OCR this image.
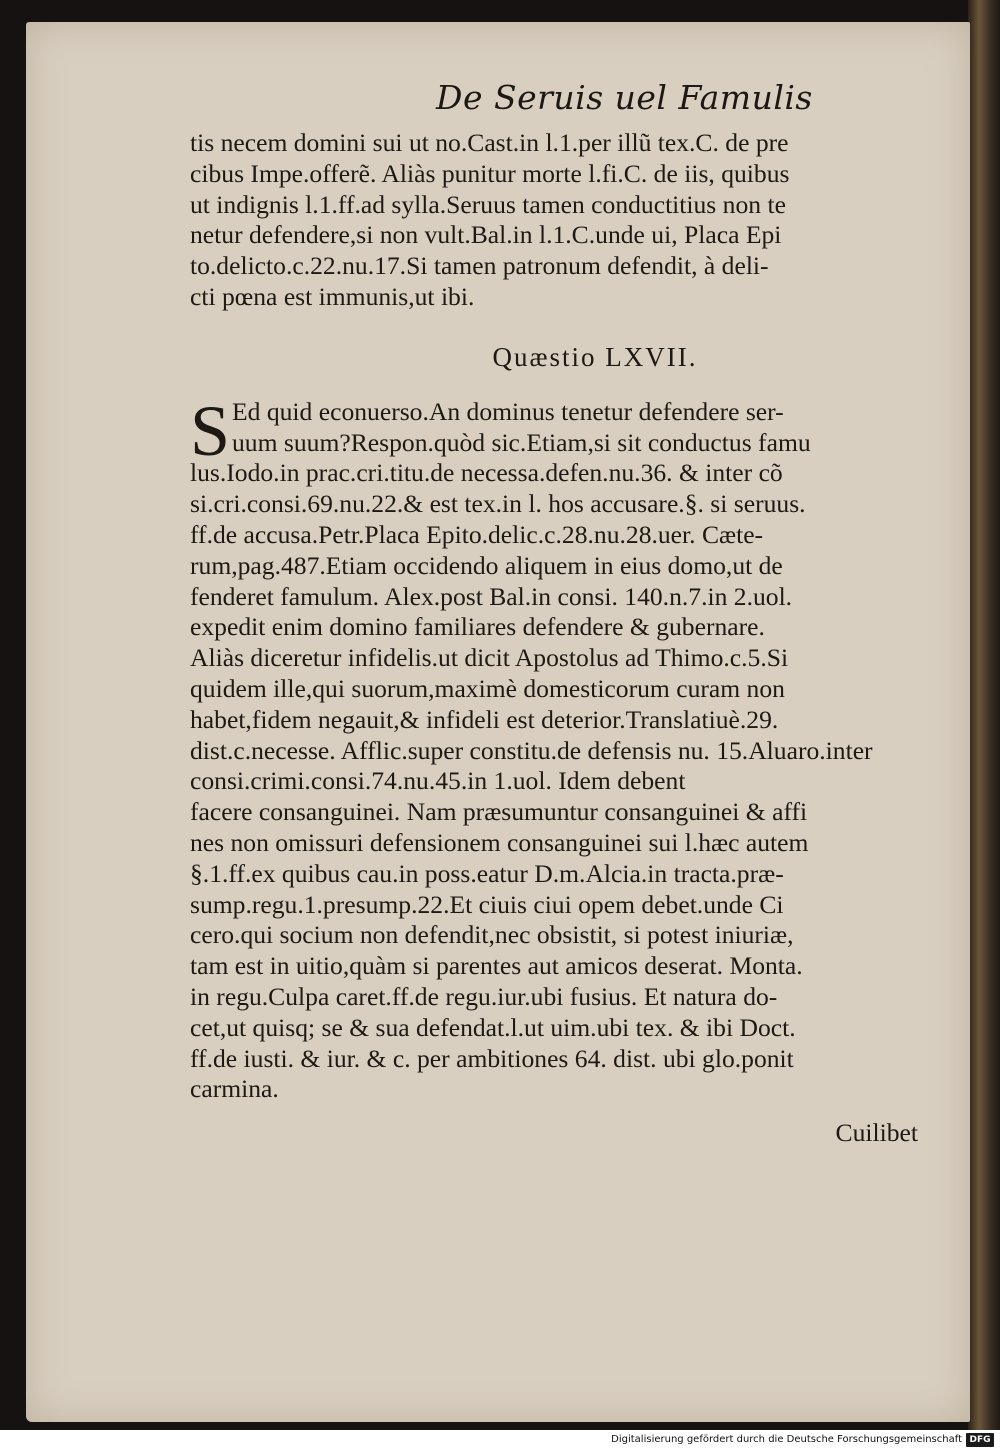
De Seruis uel Famulis
tis necem domini sui ut no.Cast.in l.1.per illũ tex.C. de pre
cibus Impe.offerẽ. Aliàs punitur morte l.fi.C. de iis, quibus
ut indignis l.1.ff.ad sylla.Seruus tamen conductitius non te
netur defendere,si non vult.Bal.in l.1.C.unde ui, Placa Epi
to.delicto.c.22.nu.17.Si tamen patronum defendit, à deli-
cti pœna est immunis,ut ibi.
Quæstio LXVII.
S Ed quid econuerso.An dominus tenetur defendere ser-
uum suum?Respon.quòd sic.Etiam,si sit conductus famu
lus.Iodo.in prac.cri.titu.de necessa.defen.nu.36. & inter cõ
si.cri.consi.69.nu.22.& est tex.in l. hos accusare.§. si seruus.
ff.de accusa.Petr.Placa Epito.delic.c.28.nu.28.uer. Cæte-
rum,pag.487.Etiam occidendo aliquem in eius domo,ut de
fenderet famulum. Alex.post Bal.in consi. 140.n.7.in 2.uol.
expedit enim domino familiares defendere & gubernare.
Aliàs diceretur infidelis.ut dicit Apostolus ad Thimo.c.5.Si
quidem ille,qui suorum,maximè domesticorum curam non
habet,fidem negauit,& infideli est deterior.Translatiuè.29.
dist.c.necesse. Afflic.super constitu.de defensis nu. 15.Aluaro.inter consi.crimi.consi.74.nu.45.in 1.uol. Idem debent
facere consanguinei. Nam præsumuntur consanguinei & affi
nes non omissuri defensionem consanguinei sui l.hæc autem
§.1.ff.ex quibus cau.in poss.eatur D.m.Alcia.in tracta.præ-
sump.regu.1.presump.22.Et ciuis ciui opem debet.unde Ci
cero.qui socium non defendit,nec obsistit, si potest iniuriæ,
tam est in uitio,quàm si parentes aut amicos deserat. Monta.
in regu.Culpa caret.ff.de regu.iur.ubi fusius. Et natura do-
cet,ut quisq; se & sua defendat.l.ut uim.ubi tex. & ibi Doct.
ff.de iusti. & iur. & c. per ambitiones 64. dist. ubi glo.ponit
carmina.
Cuilibet
Digitalisierung gefördert durch die Deutsche Forschungsgemeinschaft DFG
